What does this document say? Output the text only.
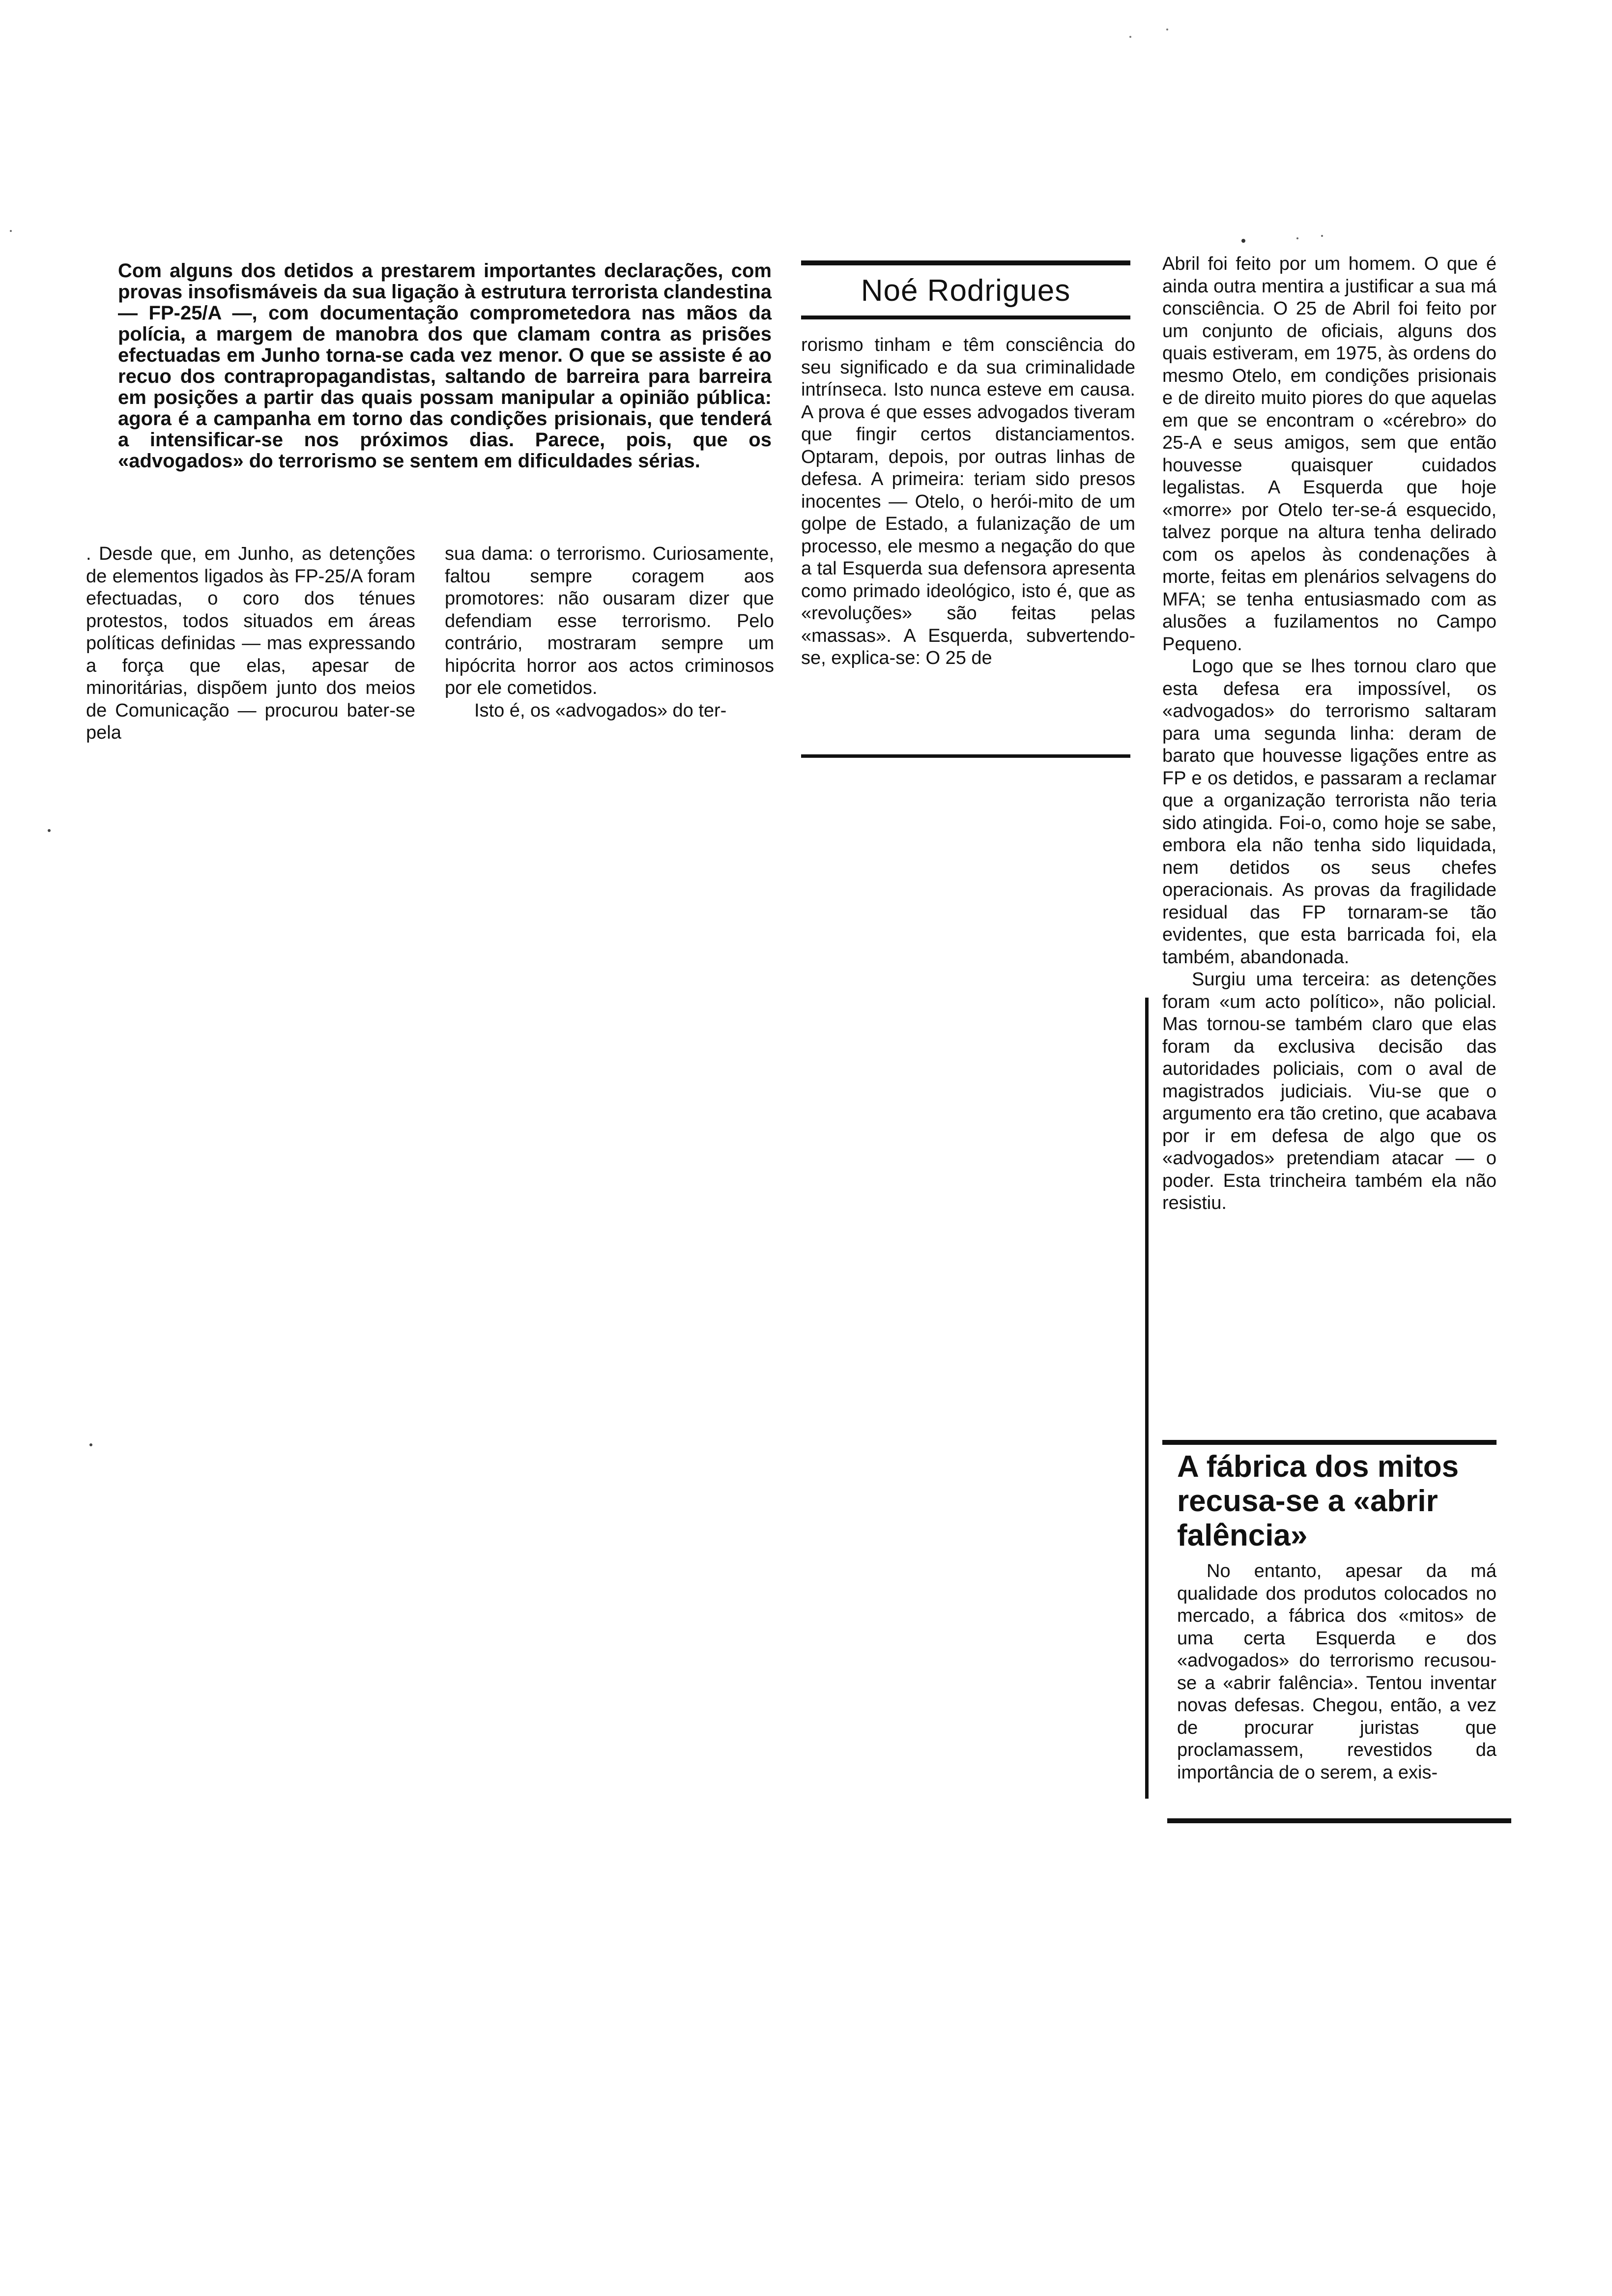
Com alguns dos detidos a prestarem importantes declarações, com provas insofismáveis da sua ligação à estrutura terrorista clandestina — FP-25/A —, com documentação comprometedora nas mãos da polícia, a margem de manobra dos que clamam contra as prisões efectuadas em Junho torna-se cada vez menor. O que se assiste é ao recuo dos contrapropagandistas, saltando de barreira para barreira em posições a partir das quais possam manipular a opinião pública: agora é a campanha em torno das condições prisionais, que tenderá a intensificar-se nos próximos dias. Parece, pois, que os «advogados» do terrorismo se sentem em dificuldades sérias.

Noé Rodrigues

. Desde que, em Junho, as detenções de elementos ligados às FP-25/A foram efectuadas, o coro dos ténues protestos, todos situados em áreas políticas definidas — mas expressando a força que elas, apesar de minoritárias, dispõem junto dos meios de Comunicação — procurou bater-se pela

sua dama: o terrorismo. Curiosamente, faltou sempre coragem aos promotores: não ousaram dizer que defendiam esse terrorismo. Pelo contrário, mostraram sempre um hipócrita horror aos actos criminosos por ele cometidos.

Isto é, os «advogados» do ter-

rorismo tinham e têm consciência do seu significado e da sua criminalidade intrínseca. Isto nunca esteve em causa. A prova é que esses advogados tiveram que fingir certos distanciamentos. Optaram, depois, por outras linhas de defesa. A primeira: teriam sido presos inocentes — Otelo, o herói-mito de um golpe de Estado, a fulanização de um processo, ele mesmo a negação do que a tal Esquerda sua defensora apresenta como primado ideológico, isto é, que as «revoluções» são feitas pelas «massas». A Esquerda, subvertendo-se, explica-se: O 25 de

Abril foi feito por um homem. O que é ainda outra mentira a justificar a sua má consciência. O 25 de Abril foi feito por um conjunto de oficiais, alguns dos quais estiveram, em 1975, às ordens do mesmo Otelo, em condições prisionais e de direito muito piores do que aquelas em que se encontram o «cérebro» do 25-A e seus amigos, sem que então houvesse quaisquer cuidados legalistas. A Esquerda que hoje «morre» por Otelo ter-se-á esquecido, talvez porque na altura tenha delirado com os apelos às condenações à morte, feitas em plenários selvagens do MFA; se tenha entusiasmado com as alusões a fuzilamentos no Campo Pequeno.

Logo que se lhes tornou claro que esta defesa era impossível, os «advogados» do terrorismo saltaram para uma segunda linha: deram de barato que houvesse ligações entre as FP e os detidos, e passaram a reclamar que a organização terrorista não teria sido atingida. Foi-o, como hoje se sabe, embora ela não tenha sido liquidada, nem detidos os seus chefes operacionais. As provas da fragilidade residual das FP tornaram-se tão evidentes, que esta barricada foi, ela também, abandonada.

Surgiu uma terceira: as detenções foram «um acto político», não policial. Mas tornou-se também claro que elas foram da exclusiva decisão das autoridades policiais, com o aval de magistrados judiciais. Viu-se que o argumento era tão cretino, que acabava por ir em defesa de algo que os «advogados» pretendiam atacar — o poder. Esta trincheira também ela não resistiu.

A fábrica dos mitos

recusa-se a «abrir

falência»

No entanto, apesar da má qualidade dos produtos colocados no mercado, a fábrica dos «mitos» de uma certa Esquerda e dos «advogados» do terrorismo recusou-se a «abrir falência». Tentou inventar novas defesas. Chegou, então, a vez de procurar juristas que proclamassem, revestidos da importância de o serem, a exis-
